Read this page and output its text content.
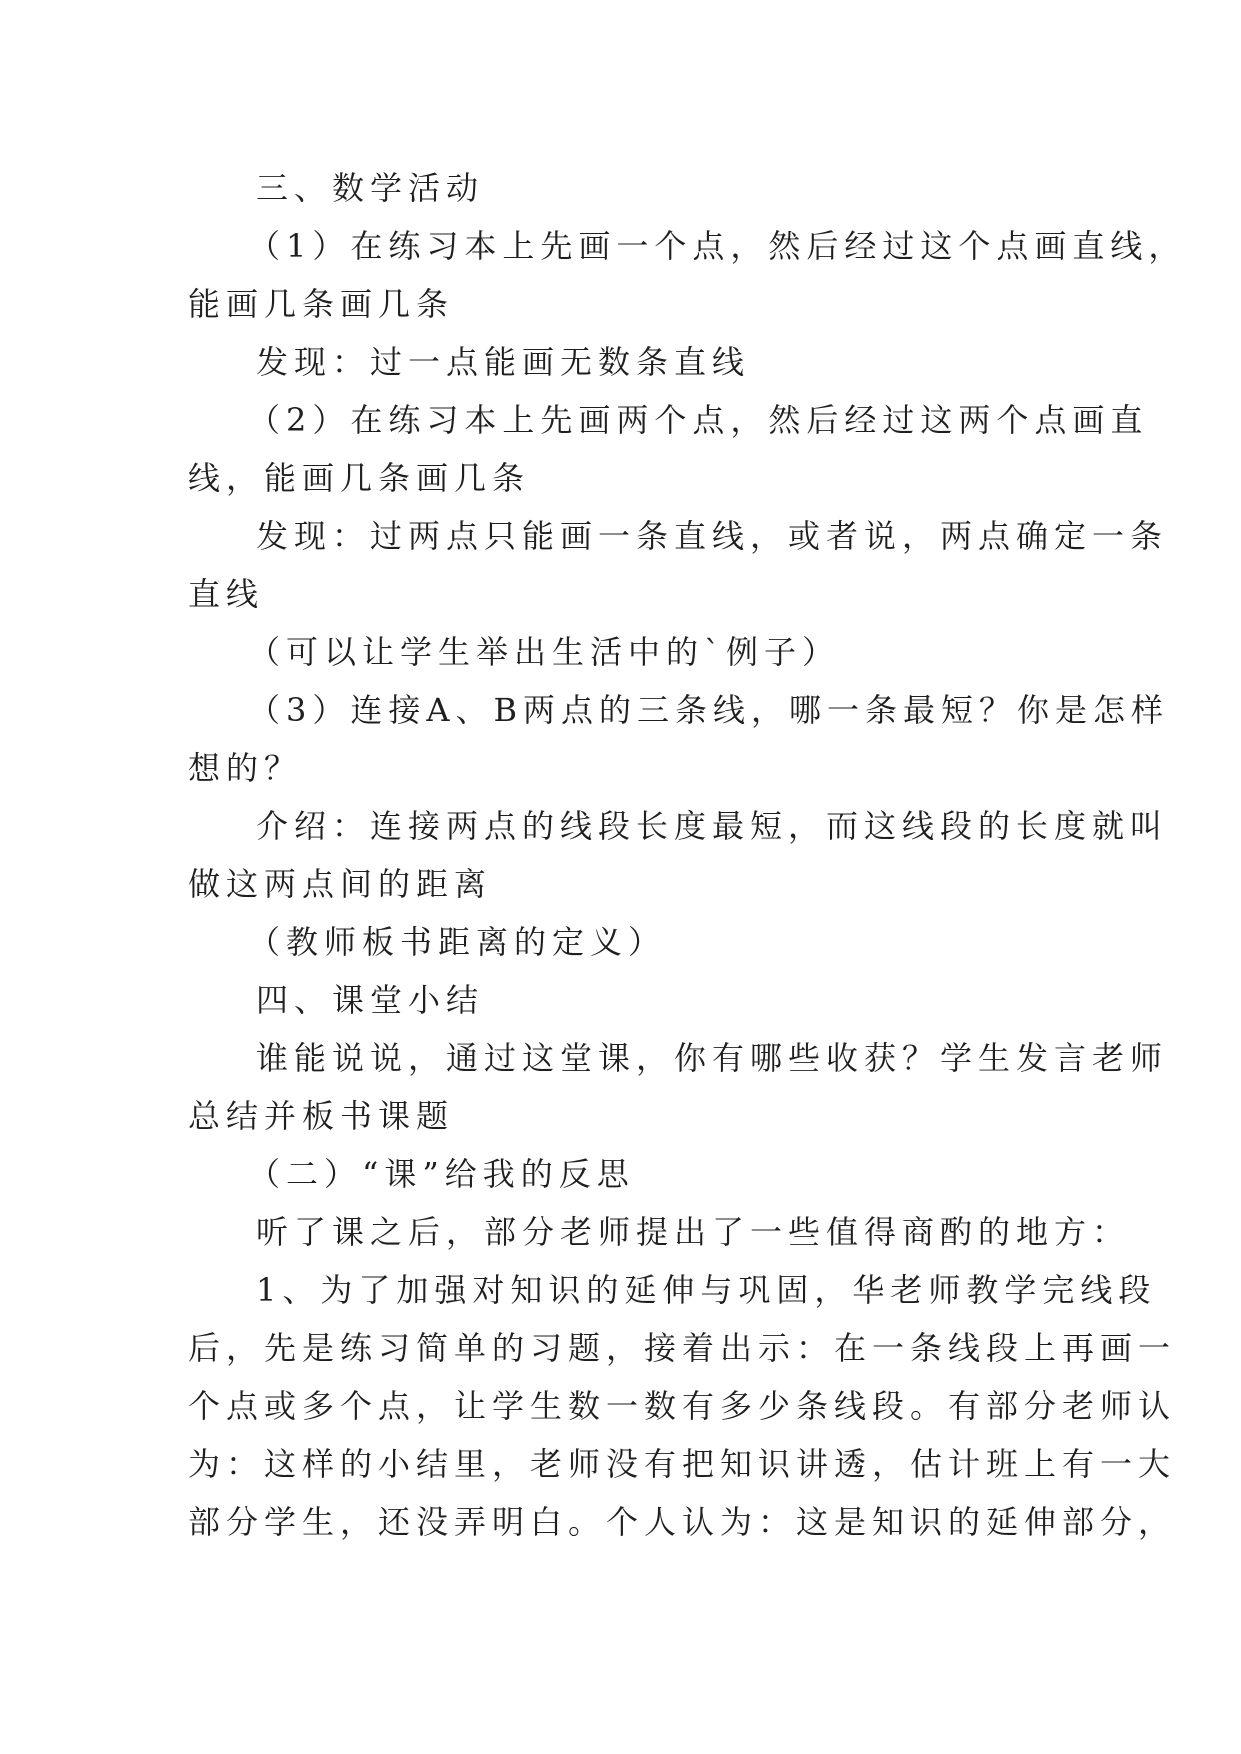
三、数学活动
（1）在练习本上先画一个点，然后经过这个点画直线，
能画几条画几条
发现：过一点能画无数条直线
（2）在练习本上先画两个点，然后经过这两个点画直
线，能画几条画几条
发现：过两点只能画一条直线，或者说，两点确定一条
直线
（可以让学生举出生活中的`例子）
（3）连接A、B两点的三条线，哪一条最短？你是怎样
想的？
介绍：连接两点的线段长度最短，而这线段的长度就叫
做这两点间的距离
（教师板书距离的定义）
四、课堂小结
谁能说说，通过这堂课，你有哪些收获？学生发言老师
总结并板书课题
（二）“课”给我的反思
听了课之后，部分老师提出了一些值得商酌的地方：
1、为了加强对知识的延伸与巩固，华老师教学完线段
后，先是练习简单的习题，接着出示：在一条线段上再画一
个点或多个点，让学生数一数有多少条线段。有部分老师认
为：这样的小结里，老师没有把知识讲透，估计班上有一大
部分学生，还没弄明白。个人认为：这是知识的延伸部分，
